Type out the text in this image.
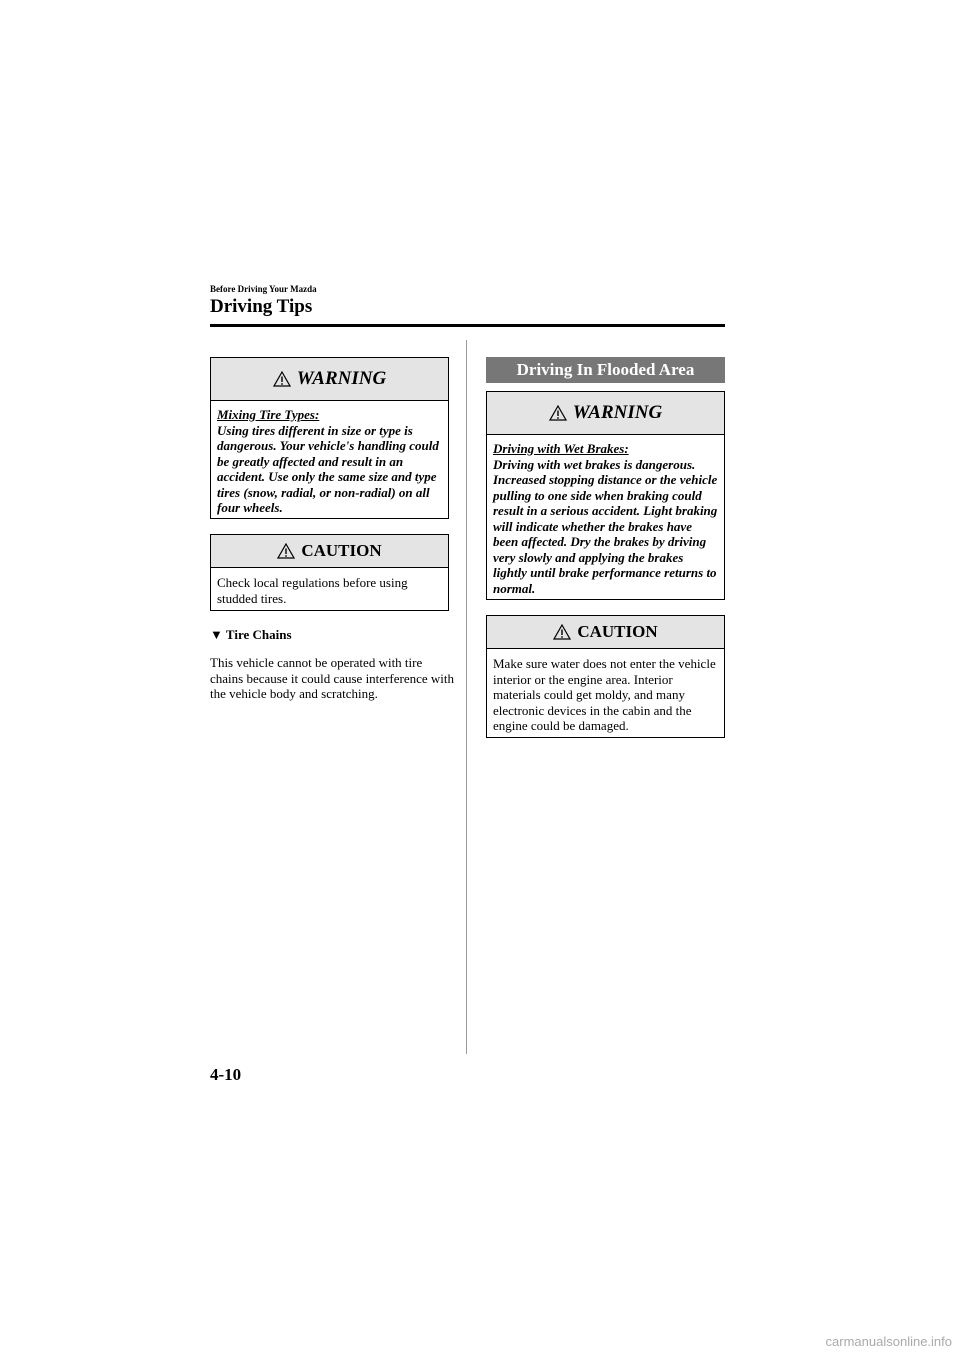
Before Driving Your Mazda
Driving Tips
WARNING
Mixing Tire Types:
Using tires different in size or type is dangerous. Your vehicle's handling could be greatly affected and result in an accident. Use only the same size and type tires (snow, radial, or non-radial) on all four wheels.
CAUTION
Check local regulations before using studded tires.
▼ Tire Chains
This vehicle cannot be operated with tire chains because it could cause interference with the vehicle body and scratching.
Driving In Flooded Area
WARNING
Driving with Wet Brakes:
Driving with wet brakes is dangerous. Increased stopping distance or the vehicle pulling to one side when braking could result in a serious accident. Light braking will indicate whether the brakes have been affected. Dry the brakes by driving very slowly and applying the brakes lightly until brake performance returns to normal.
CAUTION
Make sure water does not enter the vehicle interior or the engine area. Interior materials could get moldy, and many electronic devices in the cabin and the engine could be damaged.
4-10
carmanualsonline.info
